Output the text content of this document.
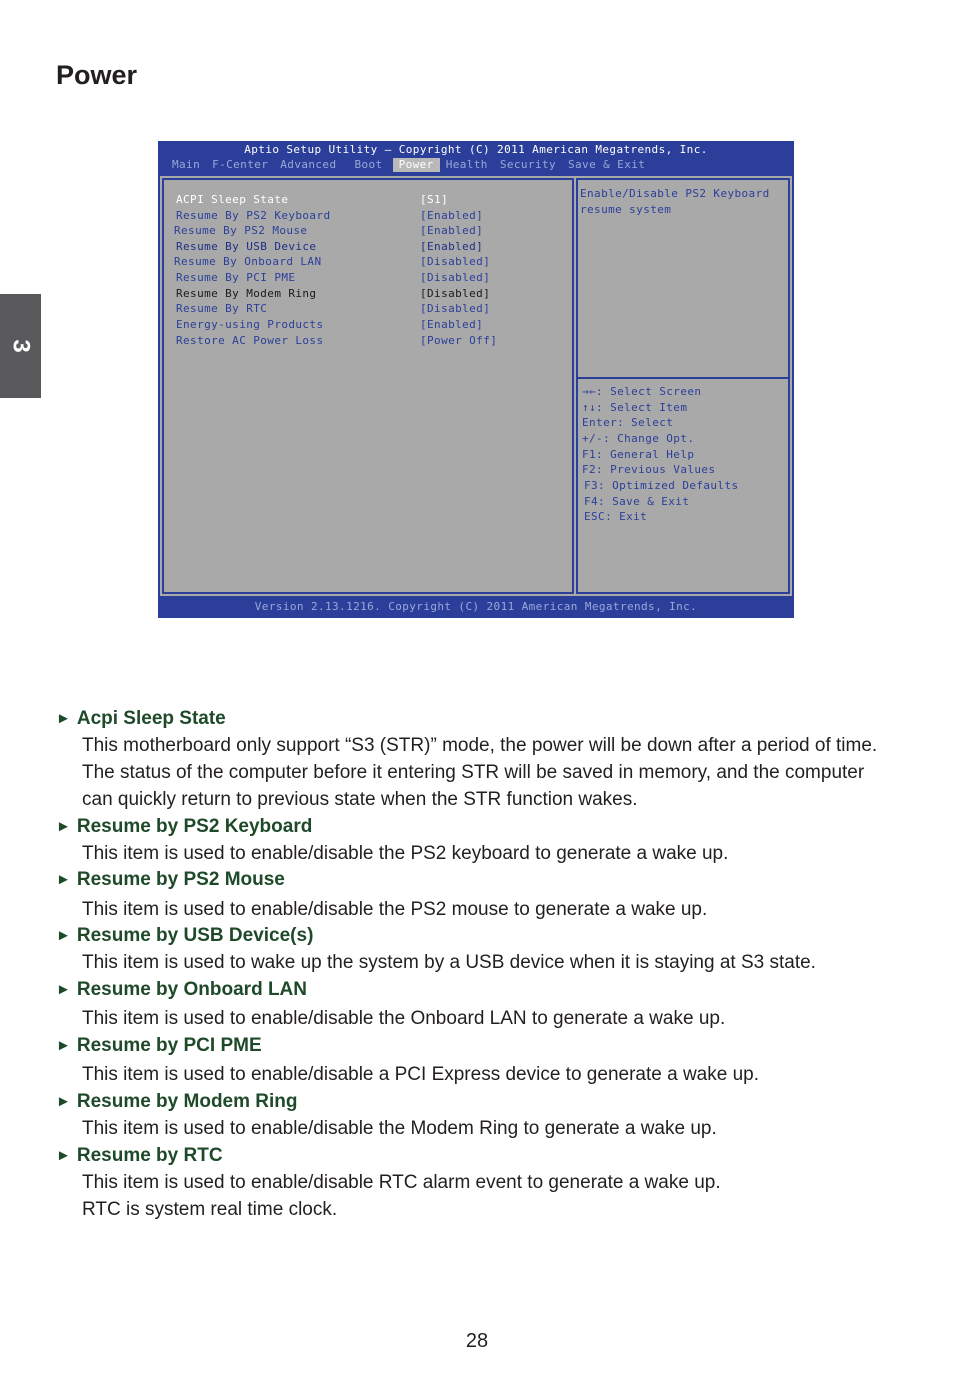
Power
3
Aptio Setup Utility – Copyright (C) 2011 American Megatrends, Inc.
Main	F-Center	Advanced	Boot	Power	Health	Security	Save & Exit
ACPI Sleep State	[S1]
Resume By PS2 Keyboard	[Enabled]
Resume By PS2 Mouse	[Enabled]
Resume By USB Device	[Enabled]
Resume By Onboard LAN	[Disabled]
Resume By PCI PME	[Disabled]
Resume By Modem Ring	[Disabled]
Resume By RTC	[Disabled]
Energy-using Products	[Enabled]
Restore AC Power Loss	[Power Off]
Enable/Disable PS2 Keyboard resume system
→←: Select Screen
↑↓: Select Item
Enter: Select
+/-: Change Opt.
F1: General Help
F2: Previous Values
F3: Optimized Defaults
F4: Save & Exit
ESC: Exit
Version 2.13.1216. Copyright (C) 2011 American Megatrends, Inc.
► Acpi Sleep State
This motherboard only support “S3 (STR)” mode, the power will be down after a period of time.
The status of the computer before it entering STR will be saved in memory, and the computer
can quickly return to previous state when the STR function wakes.
► Resume by PS2 Keyboard
This item is used to enable/disable the PS2 keyboard to generate a wake up.
► Resume by PS2 Mouse
This item is used to enable/disable the PS2 mouse to generate a wake up.
► Resume by USB Device(s)
This item is used to wake up the system by a USB device when it is staying at S3 state.
► Resume by Onboard LAN
This item is used to enable/disable the Onboard LAN to generate a wake up.
► Resume by PCI PME
This item is used to enable/disable a PCI Express device to generate a wake up.
► Resume by Modem Ring
This item is used to enable/disable the Modem Ring to generate a wake up.
► Resume by RTC
This item is used to enable/disable RTC alarm event to generate a wake up.
RTC is system real time clock.
28
